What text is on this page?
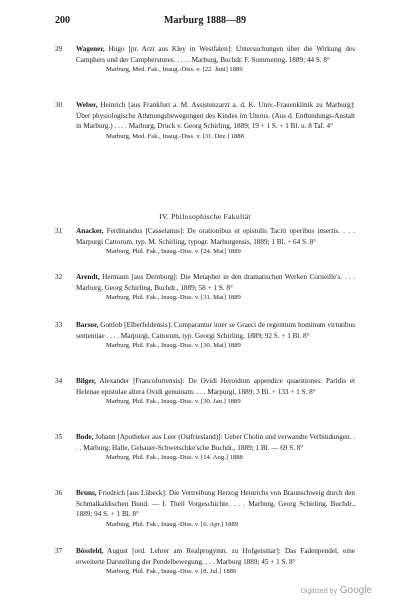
200	Marburg 1888—89
29	Wagener, Hugo [pr. Arzt aus Kley in Westfalen]: Untersuchungen über die Wirkung des Camphers und der Campherstures. . . . . Marburg, Buchdr. F. Sommering, 1889; 44 S. 8°
Marburg, Med. Fak., Inaug.-Diss. v. [22. Juni] 1889
30	Weber, Heinrich [aus Frankfurt a. M. Assistenzarzt a. d. K. Univ.-Frauenklinik zu Marburg]: Über physiologische Athmungsbewegungen des Kindes im Uterus. (Aus d. Entbindungs-Anstalt in Marburg.) . . . . Marburg, Druck v. Georg Schirling, 1889; 19 + 1 S. + 1 Bl. u. 8 Taf. 4°
Marburg, Med. Fak., Inaug.-Diss. v. [31. Dez.] 1888
IV. Philosophische Fakultät
31	Anacker, Ferdinandus [Casselanus]: De orationibus et epistulis Taciti operibus insertis. . . . Marpurgi Cattorum, typ. M. Schirling, typogr. Marburgensis, 1889; 1 Bl. + 64 S. 8°
Marburg, Phil. Fak., Inaug.-Diss. v. [24. Mai] 1889
32	Arendt, Hermann [aus Dernburg]: Die Metapher in den dramatischen Werken Corneille's. . . . Marburg, Georg Schirling, Buchdr., 1889; 58 + 1 S. 8°
Marburg, Phil. Fak., Inaug.-Diss. v. [31. Mai] 1889
33	Barsor, Gottlob [Elberfeldensis]: Comparantur inter se Graeci de regentium hominum virtutibus sententiae . . . . Marpurgi, Cattorum, typ. Georgi Schirling, 1889; 92 S. + 1 Bl. 8°
Marburg, Phil. Fak., Inaug.-Diss. v. [30. Mai] 1889
34	Bilger, Alexander [Francofurtensis]: De Ovidi Heroidum appendice quaestiones: Paridis et Helenae epistulae altera Ovidi genuinam. . . . Marpurgi, 1889; 3 Bl. + 133 + 1 S. 8°
Marburg, Phil. Fak., Inaug.-Diss. v. [30. Jan.] 1889
35	Bode, Johann [Apotheker aus Leer (Ostfriesland)]: Ueber Cholin und verwandte Verbindungen. . . . Marburg; Halle, Gebauer-Schwetschke'sche Buchdr., 1889; 1 Bl. — 69 S. 8°
Marburg, Phil. Fak., Inaug.-Diss. v. [14. Aug.] 1888
36	Bruns, Friedrich [aus Lübeck]: Die Vertreibung Herzog Heinrichs von Braunschweig durch den Schmalkaldischen Bund. — I. Theil Vorgeschichte. . . . Marburg, Georg Schirling, Buchdr., 1889; 94 S. + 1 Bl. 8°
Marburg, Phil. Fak., Inaug.-Diss. v. [6. Apr.] 1889
37	Bössfeld, August [ord. Lehrer am Realprogymn. zu Hofgeismar]: Das Fadenpendel, eine erweiterte Darstellung der Pendelbewegung. . . . Marburg 1889; 45 + 1 S. 8°
Marburg, Phil. Fak., Inaug.-Diss. v. [8. Jul.] 1889
Digitized by Google
